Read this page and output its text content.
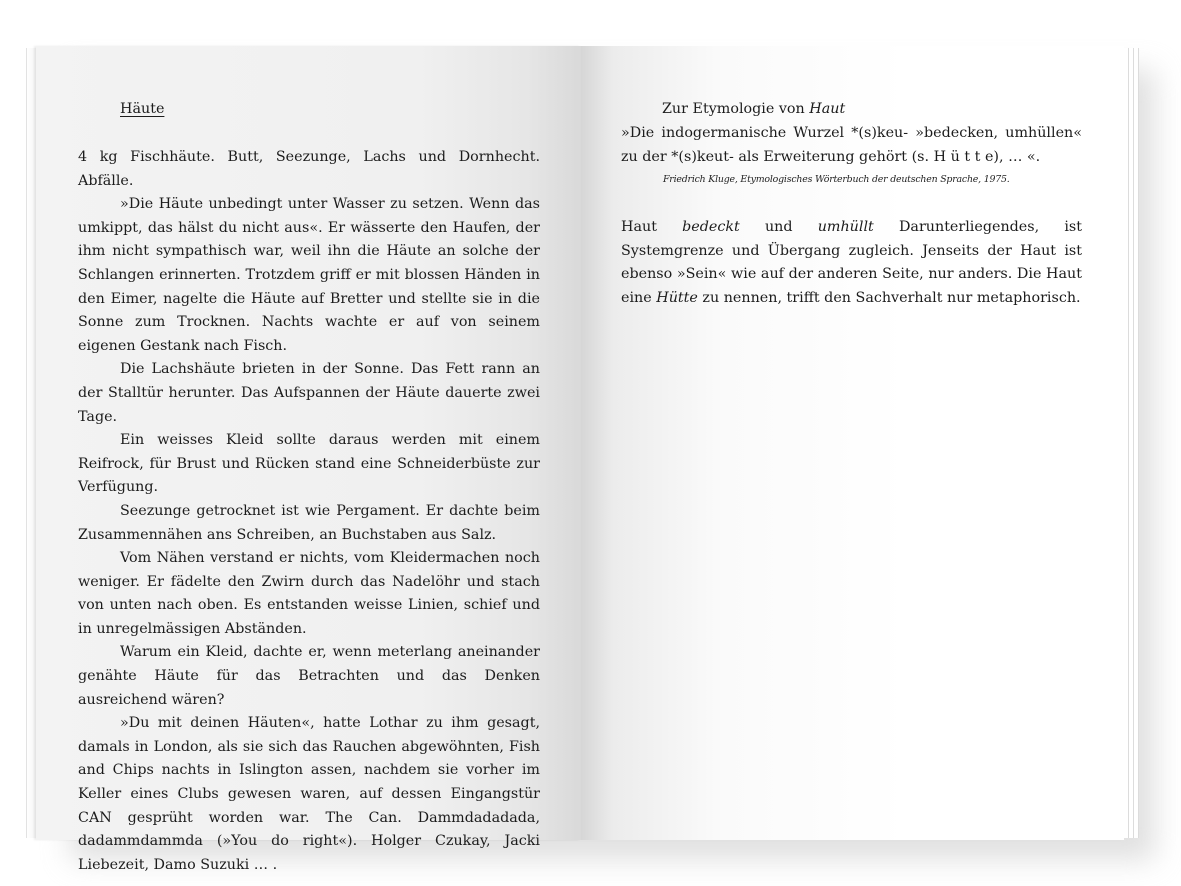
Häute

4 kg Fischhäute. Butt, Seezunge, Lachs und Dornhecht. Abfälle.

»Die Häute unbedingt unter Wasser zu setzen. Wenn das umkippt, das hälst du nicht aus«. Er wässerte den Haufen, der ihm nicht sympathisch war, weil ihn die Häute an solche der Schlangen erinnerten. Trotzdem griff er mit blossen Händen in den Eimer, nagelte die Häute auf Bretter und stellte sie in die Sonne zum Trocknen. Nachts wachte er auf von seinem eigenen Gestank nach Fisch.

Die Lachshäute brieten in der Sonne. Das Fett rann an der Stalltür herunter. Das Aufspannen der Häute dauerte zwei Tage.

Ein weisses Kleid sollte daraus werden mit einem Reifrock, für Brust und Rücken stand eine Schneiderbüste zur Verfügung.

Seezunge getrocknet ist wie Pergament. Er dachte beim Zusammennähen ans Schreiben, an Buchstaben aus Salz.

Vom Nähen verstand er nichts, vom Kleidermachen noch weniger. Er fädelte den Zwirn durch das Nadelöhr und stach von unten nach oben. Es entstanden weisse Linien, schief und in unregelmässigen Abständen.

Warum ein Kleid, dachte er, wenn meterlang aneinander genähte Häute für das Betrachten und das Denken ausreichend wären?

»Du mit deinen Häuten«, hatte Lothar zu ihm gesagt, damals in London, als sie sich das Rauchen abgewöhnten, Fish and Chips nachts in Islington assen, nachdem sie vorher im Keller eines Clubs gewesen waren, auf dessen Eingangstür CAN gesprüht worden war. The Can. Dammdadadada, dadammdammda (»You do right«). Holger Czukay, Jacki Liebezeit, Damo Suzuki … .

Zur Etymologie von Haut

»Die indogermanische Wurzel *(s)keu- »bedecken, umhüllen« zu der *(s)keut- als Erweiterung gehört (s. H ü t t e), … «.

Friedrich Kluge, Etymologisches Wörterbuch der deutschen Sprache, 1975.

Haut bedeckt und umhüllt Darunterliegendes, ist Systemgrenze und Übergang zugleich. Jenseits der Haut ist ebenso »Sein« wie auf der anderen Seite, nur anders. Die Haut eine Hütte zu nennen, trifft den Sachverhalt nur metaphorisch.
